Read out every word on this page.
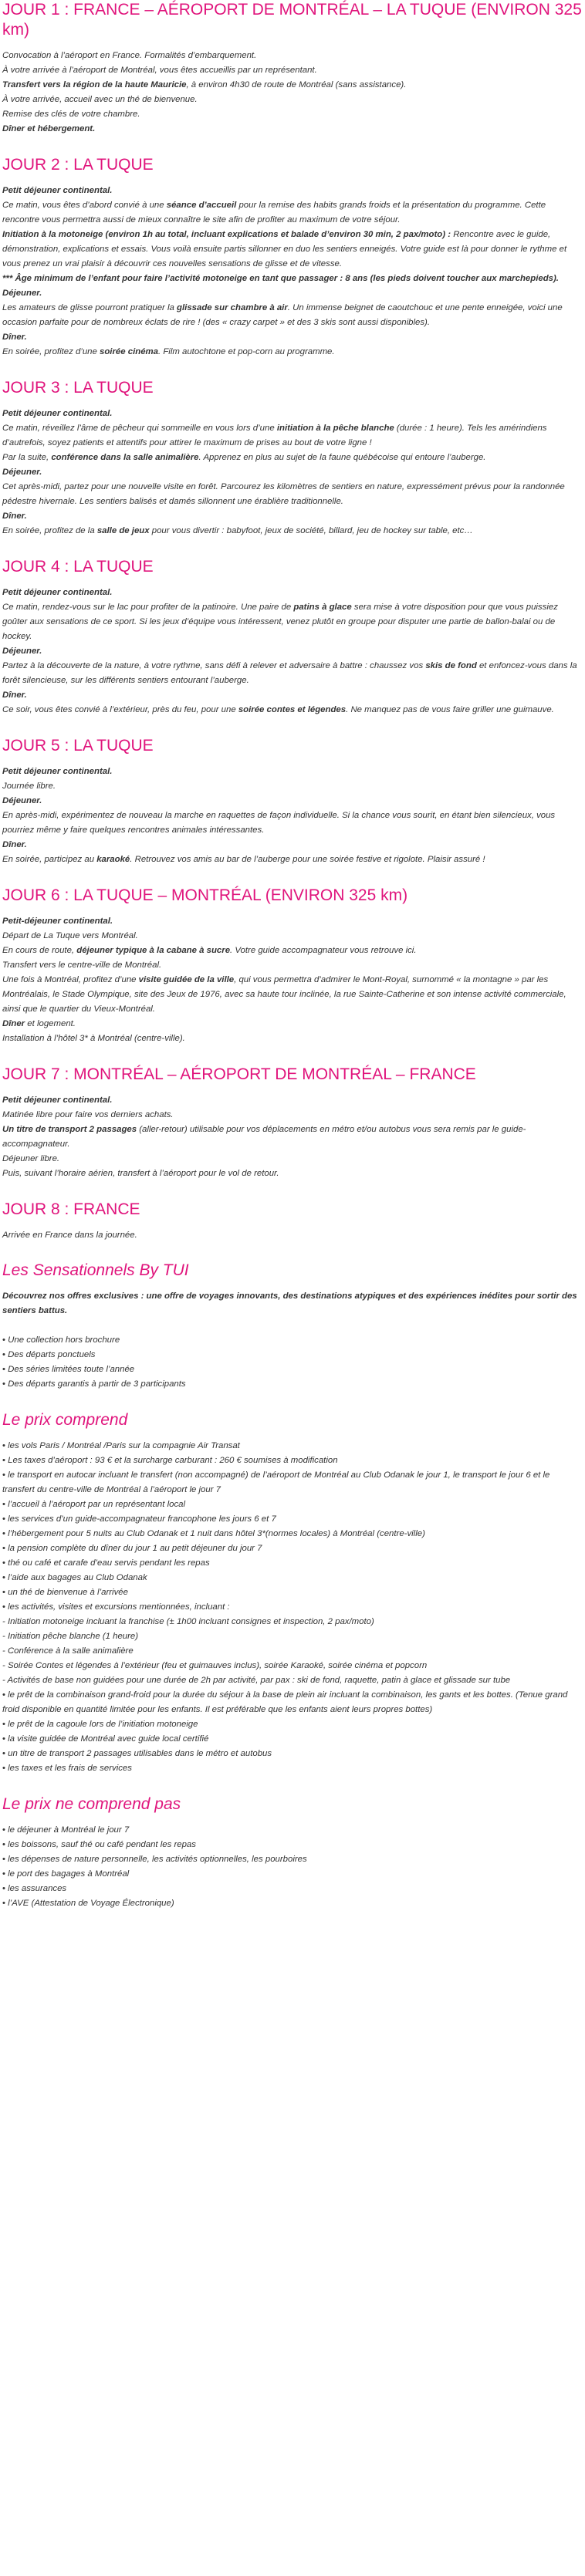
JOUR 1 : FRANCE – AÉROPORT DE MONTRÉAL – LA TUQUE (ENVIRON 325 km)

Convocation à l’aéroport en France. Formalités d’embarquement.
À votre arrivée à l’aéroport de Montréal, vous êtes accueillis par un représentant.
Transfert vers la région de la haute Mauricie, à environ 4h30 de route de Montréal (sans assistance).
À votre arrivée, accueil avec un thé de bienvenue.
Remise des clés de votre chambre.
Dîner et hébergement.

JOUR 2 : LA TUQUE

Petit déjeuner continental.
Ce matin, vous êtes d’abord convié à une séance d’accueil pour la remise des habits grands froids et la présentation du programme. Cette rencontre vous permettra aussi de mieux connaître le site afin de profiter au maximum de votre séjour.
Initiation à la motoneige (environ 1h au total, incluant explications et balade d’environ 30 min, 2 pax/moto) : Rencontre avec le guide, démonstration, explications et essais. Vous voilà ensuite partis sillonner en duo les sentiers enneigés. Votre guide est là pour donner le rythme et vous prenez un vrai plaisir à découvrir ces nouvelles sensations de glisse et de vitesse.
*** Âge minimum de l’enfant pour faire l’activité motoneige en tant que passager : 8 ans (les pieds doivent toucher aux marchepieds).
Déjeuner.
Les amateurs de glisse pourront pratiquer la glissade sur chambre à air. Un immense beignet de caoutchouc et une pente enneigée, voici une occasion parfaite pour de nombreux éclats de rire ! (des « crazy carpet » et des 3 skis sont aussi disponibles).
Dîner.
En soirée, profitez d’une soirée cinéma. Film autochtone et pop-corn au programme.

JOUR 3 : LA TUQUE

Petit déjeuner continental.
Ce matin, réveillez l’âme de pêcheur qui sommeille en vous lors d’une initiation à la pêche blanche (durée : 1 heure). Tels les amérindiens d’autrefois, soyez patients et attentifs pour attirer le maximum de prises au bout de votre ligne !
Par la suite, conférence dans la salle animalière. Apprenez en plus au sujet de la faune québécoise qui entoure l’auberge.
Déjeuner.
Cet après-midi, partez pour une nouvelle visite en forêt. Parcourez les kilomètres de sentiers en nature, expressément prévus pour la randonnée pédestre hivernale. Les sentiers balisés et damés sillonnent une érablière traditionnelle.
Dîner.
En soirée, profitez de la salle de jeux pour vous divertir : babyfoot, jeux de société, billard, jeu de hockey sur table, etc…

JOUR 4 : LA TUQUE

Petit déjeuner continental.
Ce matin, rendez-vous sur le lac pour profiter de la patinoire. Une paire de patins à glace sera mise à votre disposition pour que vous puissiez goûter aux sensations de ce sport. Si les jeux d’équipe vous intéressent, venez plutôt en groupe pour disputer une partie de ballon-balai ou de hockey.
Déjeuner.
Partez à la découverte de la nature, à votre rythme, sans défi à relever et adversaire à battre : chaussez vos skis de fond et enfoncez-vous dans la forêt silencieuse, sur les différents sentiers entourant l’auberge.
Dîner.
Ce soir, vous êtes convié à l’extérieur, près du feu, pour une soirée contes et légendes. Ne manquez pas de vous faire griller une guimauve.

JOUR 5 : LA TUQUE

Petit déjeuner continental.
Journée libre.
Déjeuner.
En après-midi, expérimentez de nouveau la marche en raquettes de façon individuelle. Si la chance vous sourit, en étant bien silencieux, vous pourriez même y faire quelques rencontres animales intéressantes.
Dîner.
En soirée, participez au karaoké. Retrouvez vos amis au bar de l’auberge pour une soirée festive et rigolote. Plaisir assuré !

JOUR 6 : LA TUQUE – MONTRÉAL (ENVIRON 325 km)

Petit-déjeuner continental.
Départ de La Tuque vers Montréal.
En cours de route, déjeuner typique à la cabane à sucre. Votre guide accompagnateur vous retrouve ici.
Transfert vers le centre-ville de Montréal.
Une fois à Montréal, profitez d’une visite guidée de la ville, qui vous permettra d’admirer le Mont-Royal, surnommé « la montagne » par les Montréalais, le Stade Olympique, site des Jeux de 1976, avec sa haute tour inclinée, la rue Sainte-Catherine et son intense activité commerciale, ainsi que le quartier du Vieux-Montréal.
Dîner et logement.
Installation à l’hôtel 3* à Montréal (centre-ville).

JOUR 7 : MONTRÉAL – AÉROPORT DE MONTRÉAL – FRANCE

Petit déjeuner continental.
Matinée libre pour faire vos derniers achats.
Un titre de transport 2 passages (aller-retour) utilisable pour vos déplacements en métro et/ou autobus vous sera remis par le guide-accompagnateur.
Déjeuner libre.
Puis, suivant l’horaire aérien, transfert à l’aéroport pour le vol de retour.

JOUR 8 : FRANCE

Arrivée en France dans la journée.

Les Sensationnels By TUI

Découvrez nos offres exclusives : une offre de voyages innovants, des destinations atypiques et des expériences inédites pour sortir des sentiers battus.

• Une collection hors brochure
• Des départs ponctuels
• Des séries limitées toute l’année
• Des départs garantis à partir de 3 participants
Le prix comprend
• les vols Paris / Montréal /Paris sur la compagnie Air Transat
• Les taxes d’aéroport : 93 € et la surcharge carburant : 260 € soumises à modification
• le transport en autocar incluant le transfert (non accompagné) de l’aéroport de Montréal au Club Odanak le jour 1, le transport le jour 6 et le transfert du centre-ville de Montréal à l’aéroport le jour 7
• l’accueil à l’aéroport par un représentant local
• les services d’un guide-accompagnateur francophone les jours 6 et 7
• l’hébergement pour 5 nuits au Club Odanak et 1 nuit dans hôtel 3*(normes locales) à Montréal (centre-ville)
• la pension complète du dîner du jour 1 au petit déjeuner du jour 7
• thé ou café et carafe d’eau servis pendant les repas
• l’aide aux bagages au Club Odanak
• un thé de bienvenue à l’arrivée
• les activités, visites et excursions mentionnées, incluant :
- Initiation motoneige incluant la franchise (± 1h00 incluant consignes et inspection, 2 pax/moto)
- Initiation pêche blanche (1 heure)
- Conférence à la salle animalière
- Soirée Contes et légendes à l’extérieur (feu et guimauves inclus), soirée Karaoké, soirée cinéma et popcorn
- Activités de base non guidées pour une durée de 2h par activité, par pax : ski de fond, raquette, patin à glace et glissade sur tube
• le prêt de la combinaison grand-froid pour la durée du séjour à la base de plein air incluant la combinaison, les gants et les bottes. (Tenue grand froid disponible en quantité limitée pour les enfants. Il est préférable que les enfants aient leurs propres bottes)
• le prêt de la cagoule lors de l’initiation motoneige
• la visite guidée de Montréal avec guide local certifié
• un titre de transport 2 passages utilisables dans le métro et autobus
• les taxes et les frais de services
Le prix ne comprend pas
• le déjeuner à Montréal le jour 7
• les boissons, sauf thé ou café pendant les repas
• les dépenses de nature personnelle, les activités optionnelles, les pourboires
• le port des bagages à Montréal
• les assurances
• l’AVE (Attestation de Voyage Électronique)
